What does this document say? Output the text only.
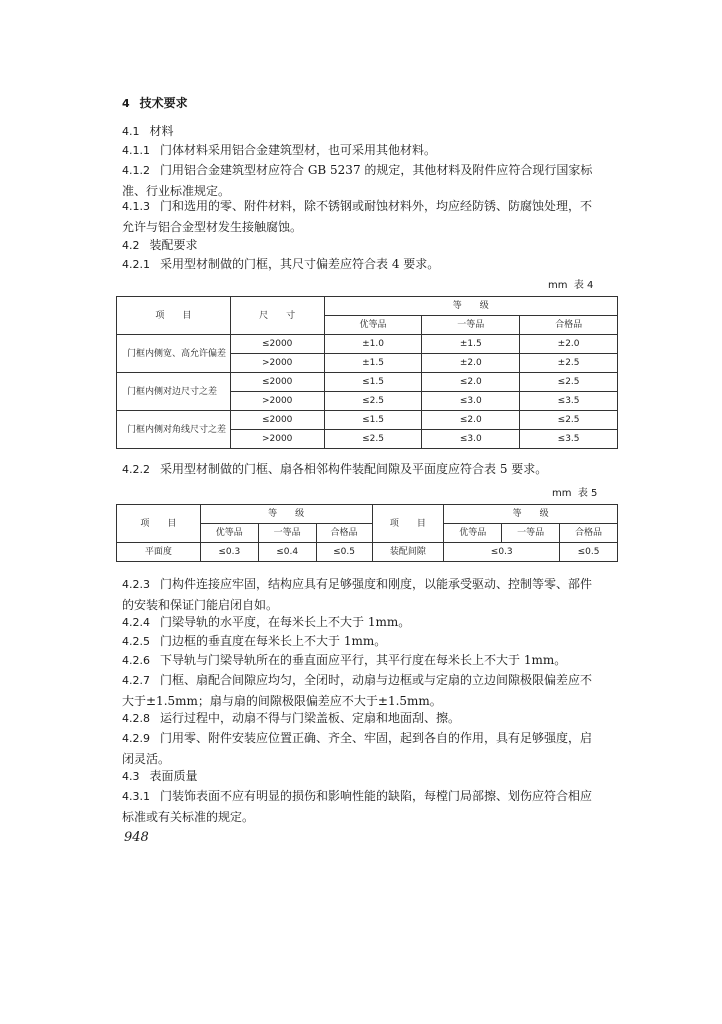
4 技术要求
4.1 材料
4.1.1 门体材料采用铝合金建筑型材，也可采用其他材料。
4.1.2 门用铝合金建筑型材应符合 GB 5237 的规定，其他材料及附件应符合现行国家标
准、行业标准规定。
4.1.3 门和选用的零、附件材料，除不锈钢或耐蚀材料外，均应经防锈、防腐蚀处理，不
允许与铝合金型材发生接触腐蚀。
4.2 装配要求
4.2.1 采用型材制做的门框，其尺寸偏差应符合表 4 要求。
mm 表 4
项　　目	尺　　寸	等　　级		
		优等品	一等品	合格品
门框内侧宽、高允许偏差	≤2000	±1.0	±1.5	±2.0
	>2000	±1.5	±2.0	±2.5
门框内侧对边尺寸之差	≤2000	≤1.5	≤2.0	≤2.5
	>2000	≤2.5	≤3.0	≤3.5
门框内侧对角线尺寸之差	≤2000	≤1.5	≤2.0	≤2.5
	>2000	≤2.5	≤3.0	≤3.5
4.2.2 采用型材制做的门框、扇各相邻构件装配间隙及平面度应符合表 5 要求。
mm 表 5
项　　目	等　　级			项　　目	等　　级		
	优等品	一等品	合格品		优等品	一等品	合格品
平面度	≤0.3	≤0.4	≤0.5	装配间隙	≤0.3		≤0.5
4.2.3 门构件连接应牢固，结构应具有足够强度和刚度，以能承受驱动、控制等零、部件
的安装和保证门能启闭自如。
4.2.4 门梁导轨的水平度，在每米长上不大于 1mm。
4.2.5 门边框的垂直度在每米长上不大于 1mm。
4.2.6 下导轨与门梁导轨所在的垂直面应平行，其平行度在每米长上不大于 1mm。
4.2.7 门框、扇配合间隙应均匀，全闭时，动扇与边框或与定扇的立边间隙极限偏差应不
大于±1.5mm；扇与扇的间隙极限偏差应不大于±1.5mm。
4.2.8 运行过程中，动扇不得与门梁盖板、定扇和地面刮、擦。
4.2.9 门用零、附件安装应位置正确、齐全、牢固，起到各自的作用，具有足够强度，启
闭灵活。
4.3 表面质量
4.3.1 门装饰表面不应有明显的损伤和影响性能的缺陷，每樘门局部擦、划伤应符合相应
标准或有关标准的规定。
948
